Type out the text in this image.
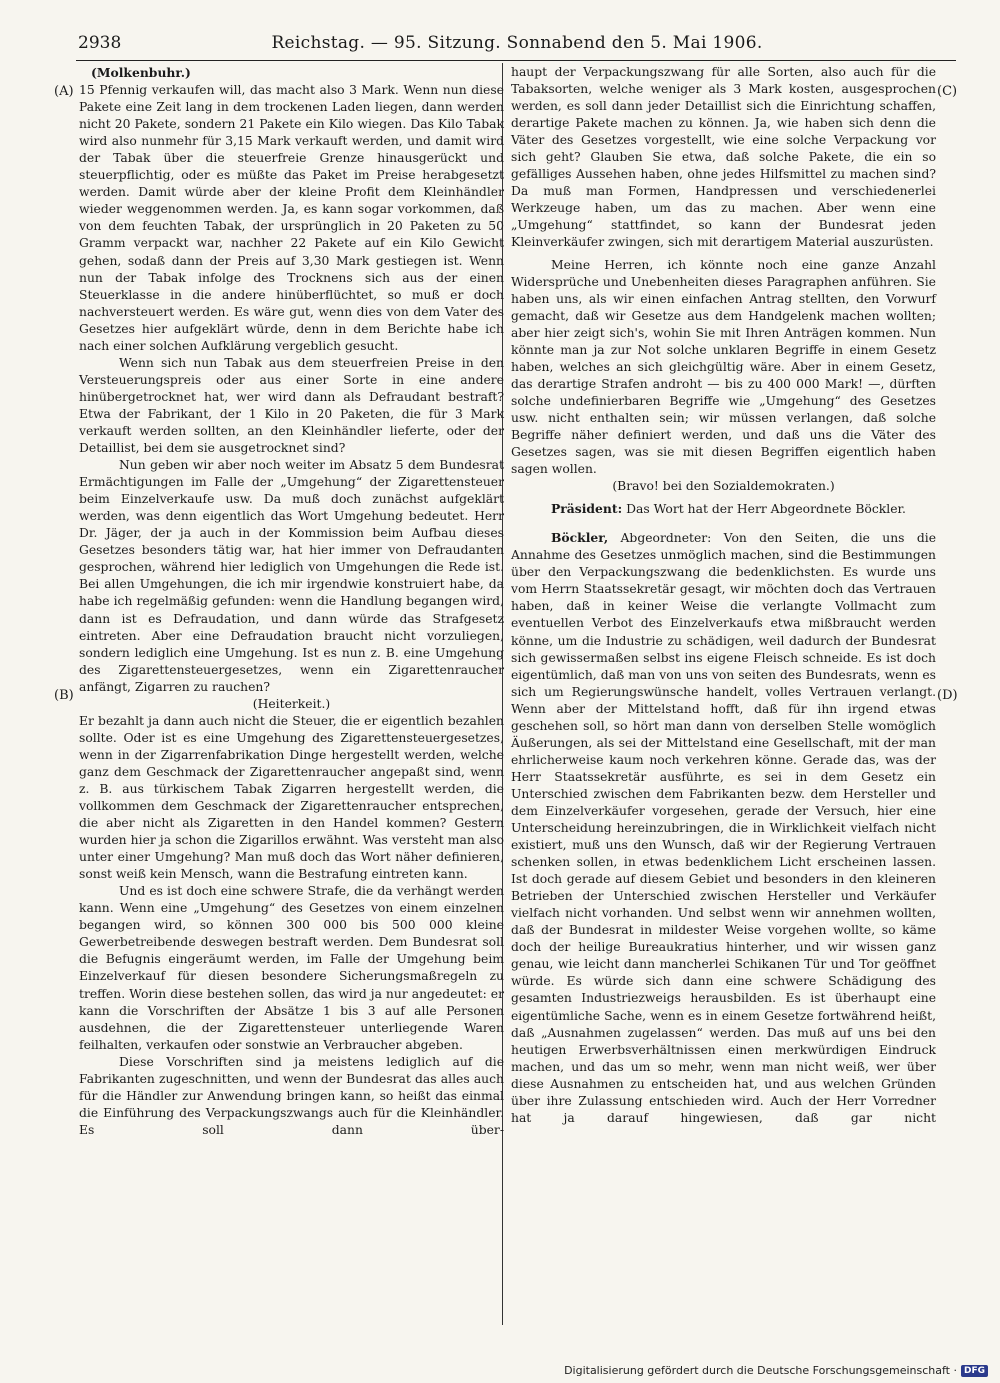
2938	Reichstag. — 95. Sitzung. Sonnabend den 5. Mai 1906.
(A)
(B)
(C)
(D)

(Molkenbuhr.)

15 Pfennig verkaufen will, das macht also 3 Mark. Wenn nun diese Pakete eine Zeit lang in dem trockenen Laden liegen, dann werden nicht 20 Pakete, sondern 21 Pakete ein Kilo wiegen. Das Kilo Tabak wird also nunmehr für 3,15 Mark verkauft werden, und damit wird der Tabak über die steuerfreie Grenze hinausgerückt und steuerpflichtig, oder es müßte das Paket im Preise herabgesetzt werden. Damit würde aber der kleine Profit dem Kleinhändler wieder weggenommen werden. Ja, es kann sogar vorkommen, daß von dem feuchten Tabak, der ursprünglich in 20 Paketen zu 50 Gramm verpackt war, nachher 22 Pakete auf ein Kilo Gewicht gehen, sodaß dann der Preis auf 3,30 Mark gestiegen ist. Wenn nun der Tabak infolge des Trocknens sich aus der einen Steuerklasse in die andere hinüberflüchtet, so muß er doch nachversteuert werden. Es wäre gut, wenn dies von dem Vater des Gesetzes hier aufgeklärt würde, denn in dem Berichte habe ich nach einer solchen Aufklärung vergeblich gesucht.

Wenn sich nun Tabak aus dem steuerfreien Preise in den Versteuerungspreis oder aus einer Sorte in eine andere hinübergetrocknet hat, wer wird dann als Defraudant bestraft? Etwa der Fabrikant, der 1 Kilo in 20 Paketen, die für 3 Mark verkauft werden sollten, an den Kleinhändler lieferte, oder der Detaillist, bei dem sie ausgetrocknet sind?

Nun geben wir aber noch weiter im Absatz 5 dem Bundesrat Ermächtigungen im Falle der „Umgehung“ der Zigarettensteuer beim Einzelverkaufe usw. Da muß doch zunächst aufgeklärt werden, was denn eigentlich das Wort Umgehung bedeutet. Herr Dr. Jäger, der ja auch in der Kommission beim Aufbau dieses Gesetzes besonders tätig war, hat hier immer von Defraudanten gesprochen, während hier lediglich von Umgehungen die Rede ist. Bei allen Umgehungen, die ich mir irgendwie konstruiert habe, da habe ich regelmäßig gefunden: wenn die Handlung begangen wird, dann ist es Defraudation, und dann würde das Strafgesetz eintreten. Aber eine Defraudation braucht nicht vorzuliegen, sondern lediglich eine Umgehung. Ist es nun z. B. eine Umgehung des Zigarettensteuergesetzes, wenn ein Zigarettenraucher anfängt, Zigarren zu rauchen?

(Heiterkeit.)

Er bezahlt ja dann auch nicht die Steuer, die er eigentlich bezahlen sollte. Oder ist es eine Umgehung des Zigarettensteuergesetzes, wenn in der Zigarrenfabrikation Dinge hergestellt werden, welche ganz dem Geschmack der Zigarettenraucher angepaßt sind, wenn z. B. aus türkischem Tabak Zigarren hergestellt werden, die vollkommen dem Geschmack der Zigarettenraucher entsprechen, die aber nicht als Zigaretten in den Handel kommen? Gestern wurden hier ja schon die Zigarillos erwähnt. Was versteht man also unter einer Umgehung? Man muß doch das Wort näher definieren, sonst weiß kein Mensch, wann die Bestrafung eintreten kann.

Und es ist doch eine schwere Strafe, die da verhängt werden kann. Wenn eine „Umgehung“ des Gesetzes von einem einzelnen begangen wird, so können 300 000 bis 500 000 kleine Gewerbetreibende deswegen bestraft werden. Dem Bundesrat soll die Befugnis eingeräumt werden, im Falle der Umgehung beim Einzelverkauf für diesen besondere Sicherungsmaßregeln zu treffen. Worin diese bestehen sollen, das wird ja nur angedeutet: er kann die Vorschriften der Absätze 1 bis 3 auf alle Personen ausdehnen, die der Zigarettensteuer unterliegende Waren feilhalten, verkaufen oder sonstwie an Verbraucher abgeben.

Diese Vorschriften sind ja meistens lediglich auf die Fabrikanten zugeschnitten, und wenn der Bundesrat das alles auch für die Händler zur Anwendung bringen kann, so heißt das einmal die Einführung des Verpackungszwangs auch für die Kleinhändler. Es soll dann über-

haupt der Verpackungszwang für alle Sorten, also auch für die Tabaksorten, welche weniger als 3 Mark kosten, ausgesprochen werden, es soll dann jeder Detaillist sich die Einrichtung schaffen, derartige Pakete machen zu können. Ja, wie haben sich denn die Väter des Gesetzes vorgestellt, wie eine solche Verpackung vor sich geht? Glauben Sie etwa, daß solche Pakete, die ein so gefälliges Aussehen haben, ohne jedes Hilfsmittel zu machen sind? Da muß man Formen, Handpressen und verschiedenerlei Werkzeuge haben, um das zu machen. Aber wenn eine „Umgehung“ stattfindet, so kann der Bundesrat jeden Kleinverkäufer zwingen, sich mit derartigem Material auszurüsten.

Meine Herren, ich könnte noch eine ganze Anzahl Widersprüche und Unebenheiten dieses Paragraphen anführen. Sie haben uns, als wir einen einfachen Antrag stellten, den Vorwurf gemacht, daß wir Gesetze aus dem Handgelenk machen wollten; aber hier zeigt sich's, wohin Sie mit Ihren Anträgen kommen. Nun könnte man ja zur Not solche unklaren Begriffe in einem Gesetz haben, welches an sich gleichgültig wäre. Aber in einem Gesetz, das derartige Strafen androht — bis zu 400 000 Mark! —, dürften solche undefinierbaren Begriffe wie „Umgehung“ des Gesetzes usw. nicht enthalten sein; wir müssen verlangen, daß solche Begriffe näher definiert werden, und daß uns die Väter des Gesetzes sagen, was sie mit diesen Begriffen eigentlich haben sagen wollen.

(Bravo! bei den Sozialdemokraten.)

Präsident: Das Wort hat der Herr Abgeordnete Böckler.

Böckler, Abgeordneter: Von den Seiten, die uns die Annahme des Gesetzes unmöglich machen, sind die Bestimmungen über den Verpackungszwang die bedenklichsten. Es wurde uns vom Herrn Staatssekretär gesagt, wir möchten doch das Vertrauen haben, daß in keiner Weise die verlangte Vollmacht zum eventuellen Verbot des Einzelverkaufs etwa mißbraucht werden könne, um die Industrie zu schädigen, weil dadurch der Bundesrat sich gewissermaßen selbst ins eigene Fleisch schneide. Es ist doch eigentümlich, daß man von uns von seiten des Bundesrats, wenn es sich um Regierungswünsche handelt, volles Vertrauen verlangt. Wenn aber der Mittelstand hofft, daß für ihn irgend etwas geschehen soll, so hört man dann von derselben Stelle womöglich Äußerungen, als sei der Mittelstand eine Gesellschaft, mit der man ehrlicherweise kaum noch verkehren könne. Gerade das, was der Herr Staatssekretär ausführte, es sei in dem Gesetz ein Unterschied zwischen dem Fabrikanten bezw. dem Hersteller und dem Einzelverkäufer vorgesehen, gerade der Versuch, hier eine Unterscheidung hereinzubringen, die in Wirklichkeit vielfach nicht existiert, muß uns den Wunsch, daß wir der Regierung Vertrauen schenken sollen, in etwas bedenklichem Licht erscheinen lassen. Ist doch gerade auf diesem Gebiet und besonders in den kleineren Betrieben der Unterschied zwischen Hersteller und Verkäufer vielfach nicht vorhanden. Und selbst wenn wir annehmen wollten, daß der Bundesrat in mildester Weise vorgehen wollte, so käme doch der heilige Bureaukratius hinterher, und wir wissen ganz genau, wie leicht dann mancherlei Schikanen Tür und Tor geöffnet würde. Es würde sich dann eine schwere Schädigung des gesamten Industriezweigs herausbilden. Es ist überhaupt eine eigentümliche Sache, wenn es in einem Gesetze fortwährend heißt, daß „Ausnahmen zugelassen“ werden. Das muß auf uns bei den heutigen Erwerbsverhältnissen einen merkwürdigen Eindruck machen, und das um so mehr, wenn man nicht weiß, wer über diese Ausnahmen zu entscheiden hat, und aus welchen Gründen über ihre Zulassung entschieden wird. Auch der Herr Vorredner hat ja darauf hingewiesen, daß gar nicht

Digitalisierung gefördert durch die Deutsche Forschungsgemeinschaft · DFG
